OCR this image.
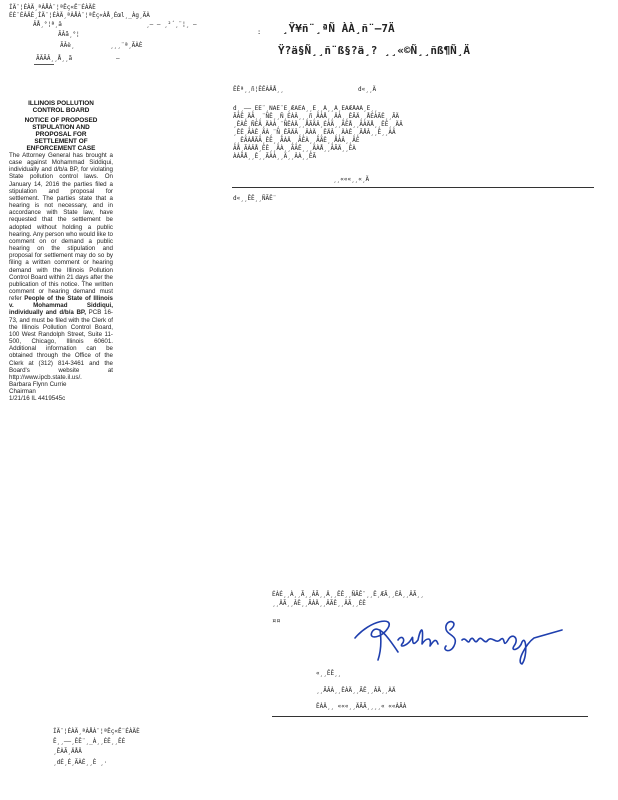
ÍÄ¨¦ÉÀÄ¸ªÀÅÀ¨¦ªËç«Ë¨ÉÀÄÈ
ÉÈ¨ÉÀÄÈ¸ÍÄ¨¦ÉÀÄ¸ªÀÅÀ¨¦ªËç«ÀÅ¸Éœl¸_Àg¸ÃÀ
ÂÅ¸°¦ª¸ä	¸– – ¸²´¸¨¦¸ –
ÃÂã¸°¦
ÃÂè¸	¸¸¸¨ª¸ÃÀÈ
ÃÃÃÂ¸¸Å¸¸ã	—
: ¸Ÿ¥ñ¨¸ªÑ ÀÀ¸ñ¨—7Ä
Ÿ?ä§Ñ¸¸ñ¨ß§?ä¸? ¸¸«©Ñ¸¸ñß¶Ñ¸Ä
ÊÊª¸¸ñ¦ÊÊÀÄÅ¸¸	d«¸¸Ä
d¸¸––¸ÊÊ¨¸ÑÃÊ¨Ê¸ÆÃÉÂ¸¸Ê¸¸Ä¸¸Ä¸ÊÀÆÅÀÄ¸Ê¸¸
ÃÂÊ¸ÄÂ¸¸¨ÑÊ¸¸Ñ¸ÉÀÂ¸¸¸ñ¸ÄÀÅ¸¸ÄÀ¸¸ÊÃÄ¸¸ÅÉÀÃÊ¸¸ÃÄ
¸ÊÀÊ¸ÑÉÄ¸ÄÀÀ¸¨ÑÊÀÄ¸¸ÅÃÄÂ¸ÉÀÄ¸¸ÃÊÅ¸¸ÂÀÄÅ¸¸ÊÊ¸¸ÄÂ
¸ÊÊ¸ÂÀÊ¸ÄÀ¸¨Ñ¸ÊÃÄÂ¸¸ÂÀÄ¸¸ÊÄÂ¸¸ÄÀÊ¸¸ÃÅÂ¸¸Ê¸¸ÀÄ
¸¸ÊÄÀÅÃÂ¸ÊÊ¸¸ÃÀÄ¸¸ÂÊÀ¸¸ÃÄÊ¸¸ÅÀÂ¸¸ÄÊ
ÂÅ¸ÃÀÂÅ¸ÊÊ¸¸ÄÀ¸¸ÃÂÊ¸¸¸ÄÀÅ¸¸ÂÃÄ¸¸ÊÀ
ÀÀÃÅ¸¸Ê¸¸ÃÀÀ¸¸Ä¸¸ÂÀ¸¸ÊÃ
¸¸«««¸¸«¸Ä
d«¸¸ÊÊ¸¸ÑÃÊ¨
ILLINOIS POLLUTION
CONTROL BOARD
NOTICE OF PROPOSED
STIPULATION AND
PROPOSAL FOR
SETTLEMENT OF
ENFORCEMENT CASE
The Attorney General has brought a case against Mohammad Siddiqui, individually and d/b/a BP, for violating State pollution control laws. On January 14, 2016 the parties filed a stipulation and proposal for settlement. The parties state that a hearing is not necessary, and in accordance with State law, have requested that the settlement be adopted without holding a public hearing. Any person who would like to comment on or demand a public hearing on the stipulation and proposal for settlement may do so by filing a written comment or hearing demand with the Illinois Pollution Control Board within 21 days after the publication of this notice. The written comment or hearing demand must refer People of the State of Illinois v. Mohammad Siddiqui, individually and d/b/a BP, PCB 16-73, and must be filed with the Clerk of the Illinois Pollution Control Board, 100 West Randolph Street, Suite 11-500, Chicago, Illinois 60601. Additional information can be obtained through the Office of the Clerk at (312) 814-3461 and the Board's website at http://www.ipcb.state.il.us/.
Barbara Flynn Currie
Chairman
1/21/16 IL 4419545c
ÉÀÉ¸¸À¸¸Ã¸¸ÂÃ¸¸Ä¸¸ÊÊ¸¸ÑÃÊ¨¸¸Ê¸ÆÃ¸¸ÉÂ¸¸ÂÃ¸¸
¸¸ÄÃ¸¸ÂÊ¸¸ÃÀÄ¸¸ÂÃÊ¸¸ÄÃ¸¸ÉÊ
¤¤
«¸¸ÊÊ¸¸
¸¸ÃÂÀ¸¸ÊÀÄ¸¸ÃÊ¸¸ÂÄ¸¸ÀÄ
ÊÀÄ¸¸ «««¸¸ÄÃÃ¸¸¸¸« ««ÀÃÀ
ÍÄ¨¦ÉÀÄ¸ªÀÅÀ¨¦ªËç«Ë¨ÉÀÄÈ
Ê¸¸––¸ÊÊ¨¸_À¸¸ÉÊ¸¸ÊÉ
¸ÊÀÃ¸ÄÅÄ
¸dÉ¸É¸ÃÀÉ¸¸È ¸·
